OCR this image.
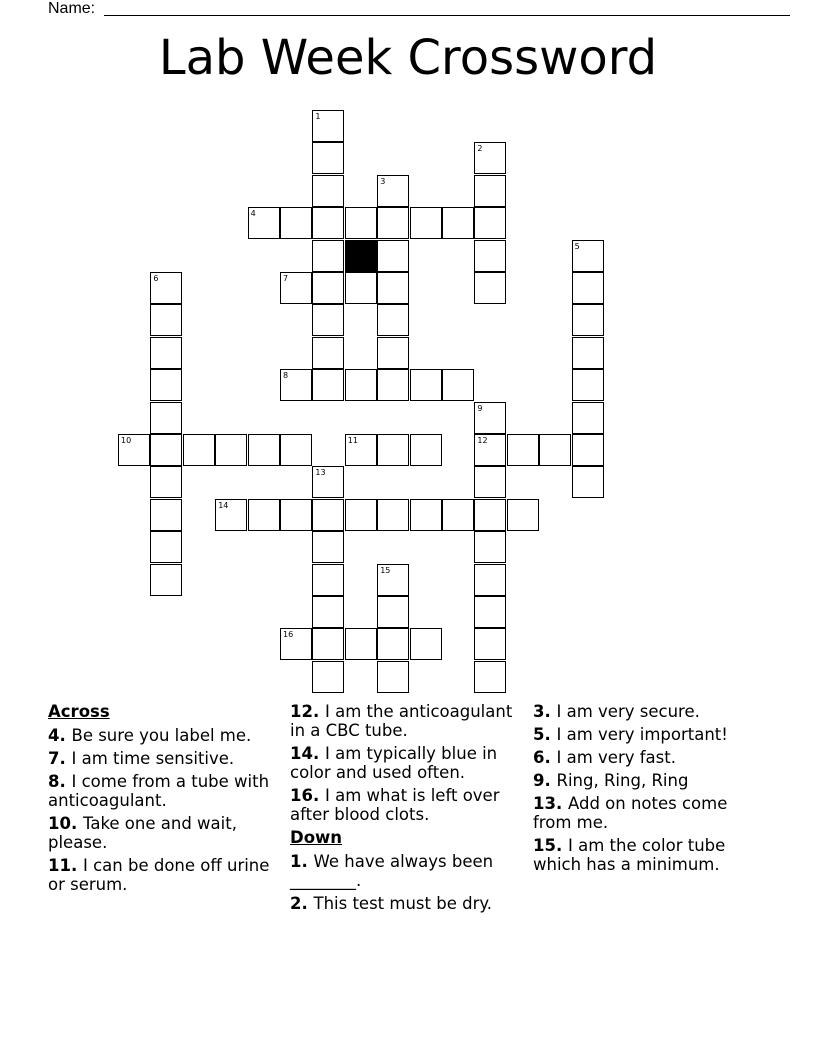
Name:
Lab Week Crossword
1
2
3
4
5
6	7
8
9
12
10	11
13
14
15
16
Across
4. Be sure you label me.
7. I am time sensitive.
8. I come from a tube with anticoagulant.
10. Take one and wait, please.
11. I can be done off urine or serum.
12. I am the anticoagulant in a CBC tube.
14. I am typically blue in color and used often.
16. I am what is left over after blood clots.
Down
1. We have always been ________.
2. This test must be dry.
3. I am very secure.
5. I am very important!
6. I am very fast.
9. Ring, Ring, Ring
13. Add on notes come from me.
15. I am the color tube which has a minimum.
